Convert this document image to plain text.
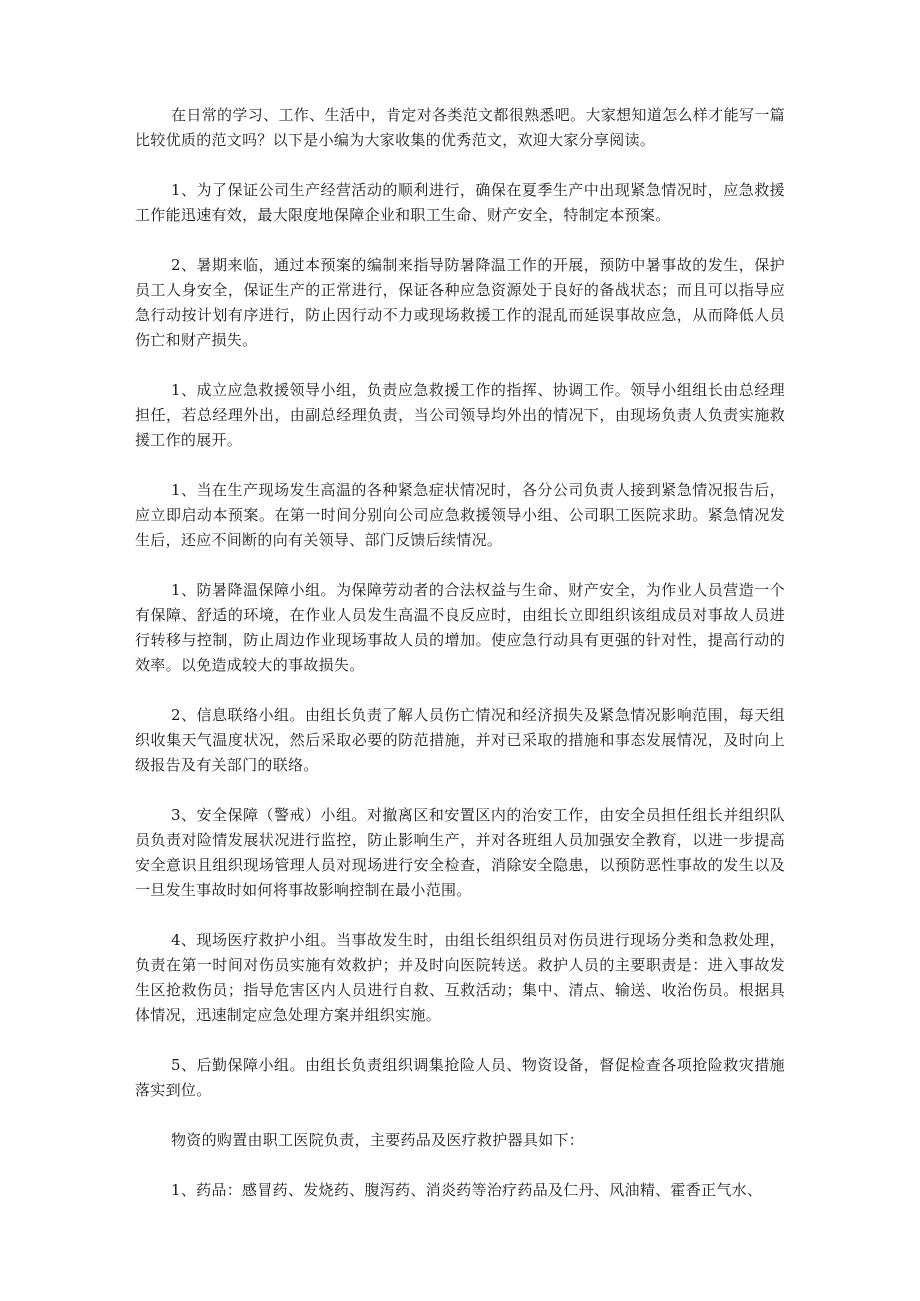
在日常的学习、工作、生活中，肯定对各类范文都很熟悉吧。大家想知道怎么样才能写一篇比较优质的范文吗？以下是小编为大家收集的优秀范文，欢迎大家分享阅读。

1、为了保证公司生产经营活动的顺利进行，确保在夏季生产中出现紧急情况时，应急救援工作能迅速有效，最大限度地保障企业和职工生命、财产安全，特制定本预案。

2、暑期来临，通过本预案的编制来指导防暑降温工作的开展，预防中暑事故的发生，保护员工人身安全，保证生产的正常进行，保证各种应急资源处于良好的备战状态；而且可以指导应急行动按计划有序进行，防止因行动不力或现场救援工作的混乱而延误事故应急，从而降低人员伤亡和财产损失。

1、成立应急救援领导小组，负责应急救援工作的指挥、协调工作。领导小组组长由总经理担任，若总经理外出，由副总经理负责，当公司领导均外出的情况下，由现场负责人负责实施救援工作的展开。

1、当在生产现场发生高温的各种紧急症状情况时，各分公司负责人接到紧急情况报告后，应立即启动本预案。在第一时间分别向公司应急救援领导小组、公司职工医院求助。紧急情况发生后，还应不间断的向有关领导、部门反馈后续情况。

1、防暑降温保障小组。为保障劳动者的合法权益与生命、财产安全，为作业人员营造一个有保障、舒适的环境，在作业人员发生高温不良反应时，由组长立即组织该组成员对事故人员进行转移与控制，防止周边作业现场事故人员的增加。使应急行动具有更强的针对性，提高行动的效率。以免造成较大的事故损失。

2、信息联络小组。由组长负责了解人员伤亡情况和经济损失及紧急情况影响范围，每天组织收集天气温度状况，然后采取必要的防范措施，并对已采取的措施和事态发展情况，及时向上级报告及有关部门的联络。

3、安全保障（警戒）小组。对撤离区和安置区内的治安工作，由安全员担任组长并组织队员负责对险情发展状况进行监控，防止影响生产，并对各班组人员加强安全教育，以进一步提高安全意识且组织现场管理人员对现场进行安全检查，消除安全隐患，以预防恶性事故的发生以及一旦发生事故时如何将事故影响控制在最小范围。

4、现场医疗救护小组。当事故发生时，由组长组织组员对伤员进行现场分类和急救处理，负责在第一时间对伤员实施有效救护；并及时向医院转送。救护人员的主要职责是：进入事故发生区抢救伤员；指导危害区内人员进行自救、互救活动；集中、清点、输送、收治伤员。根据具体情况，迅速制定应急处理方案并组织实施。

5、后勤保障小组。由组长负责组织调集抢险人员、物资设备，督促检查各项抢险救灾措施落实到位。

物资的购置由职工医院负责，主要药品及医疗救护器具如下：

1、药品：感冒药、发烧药、腹泻药、消炎药等治疗药品及仁丹、风油精、霍香正气水、
